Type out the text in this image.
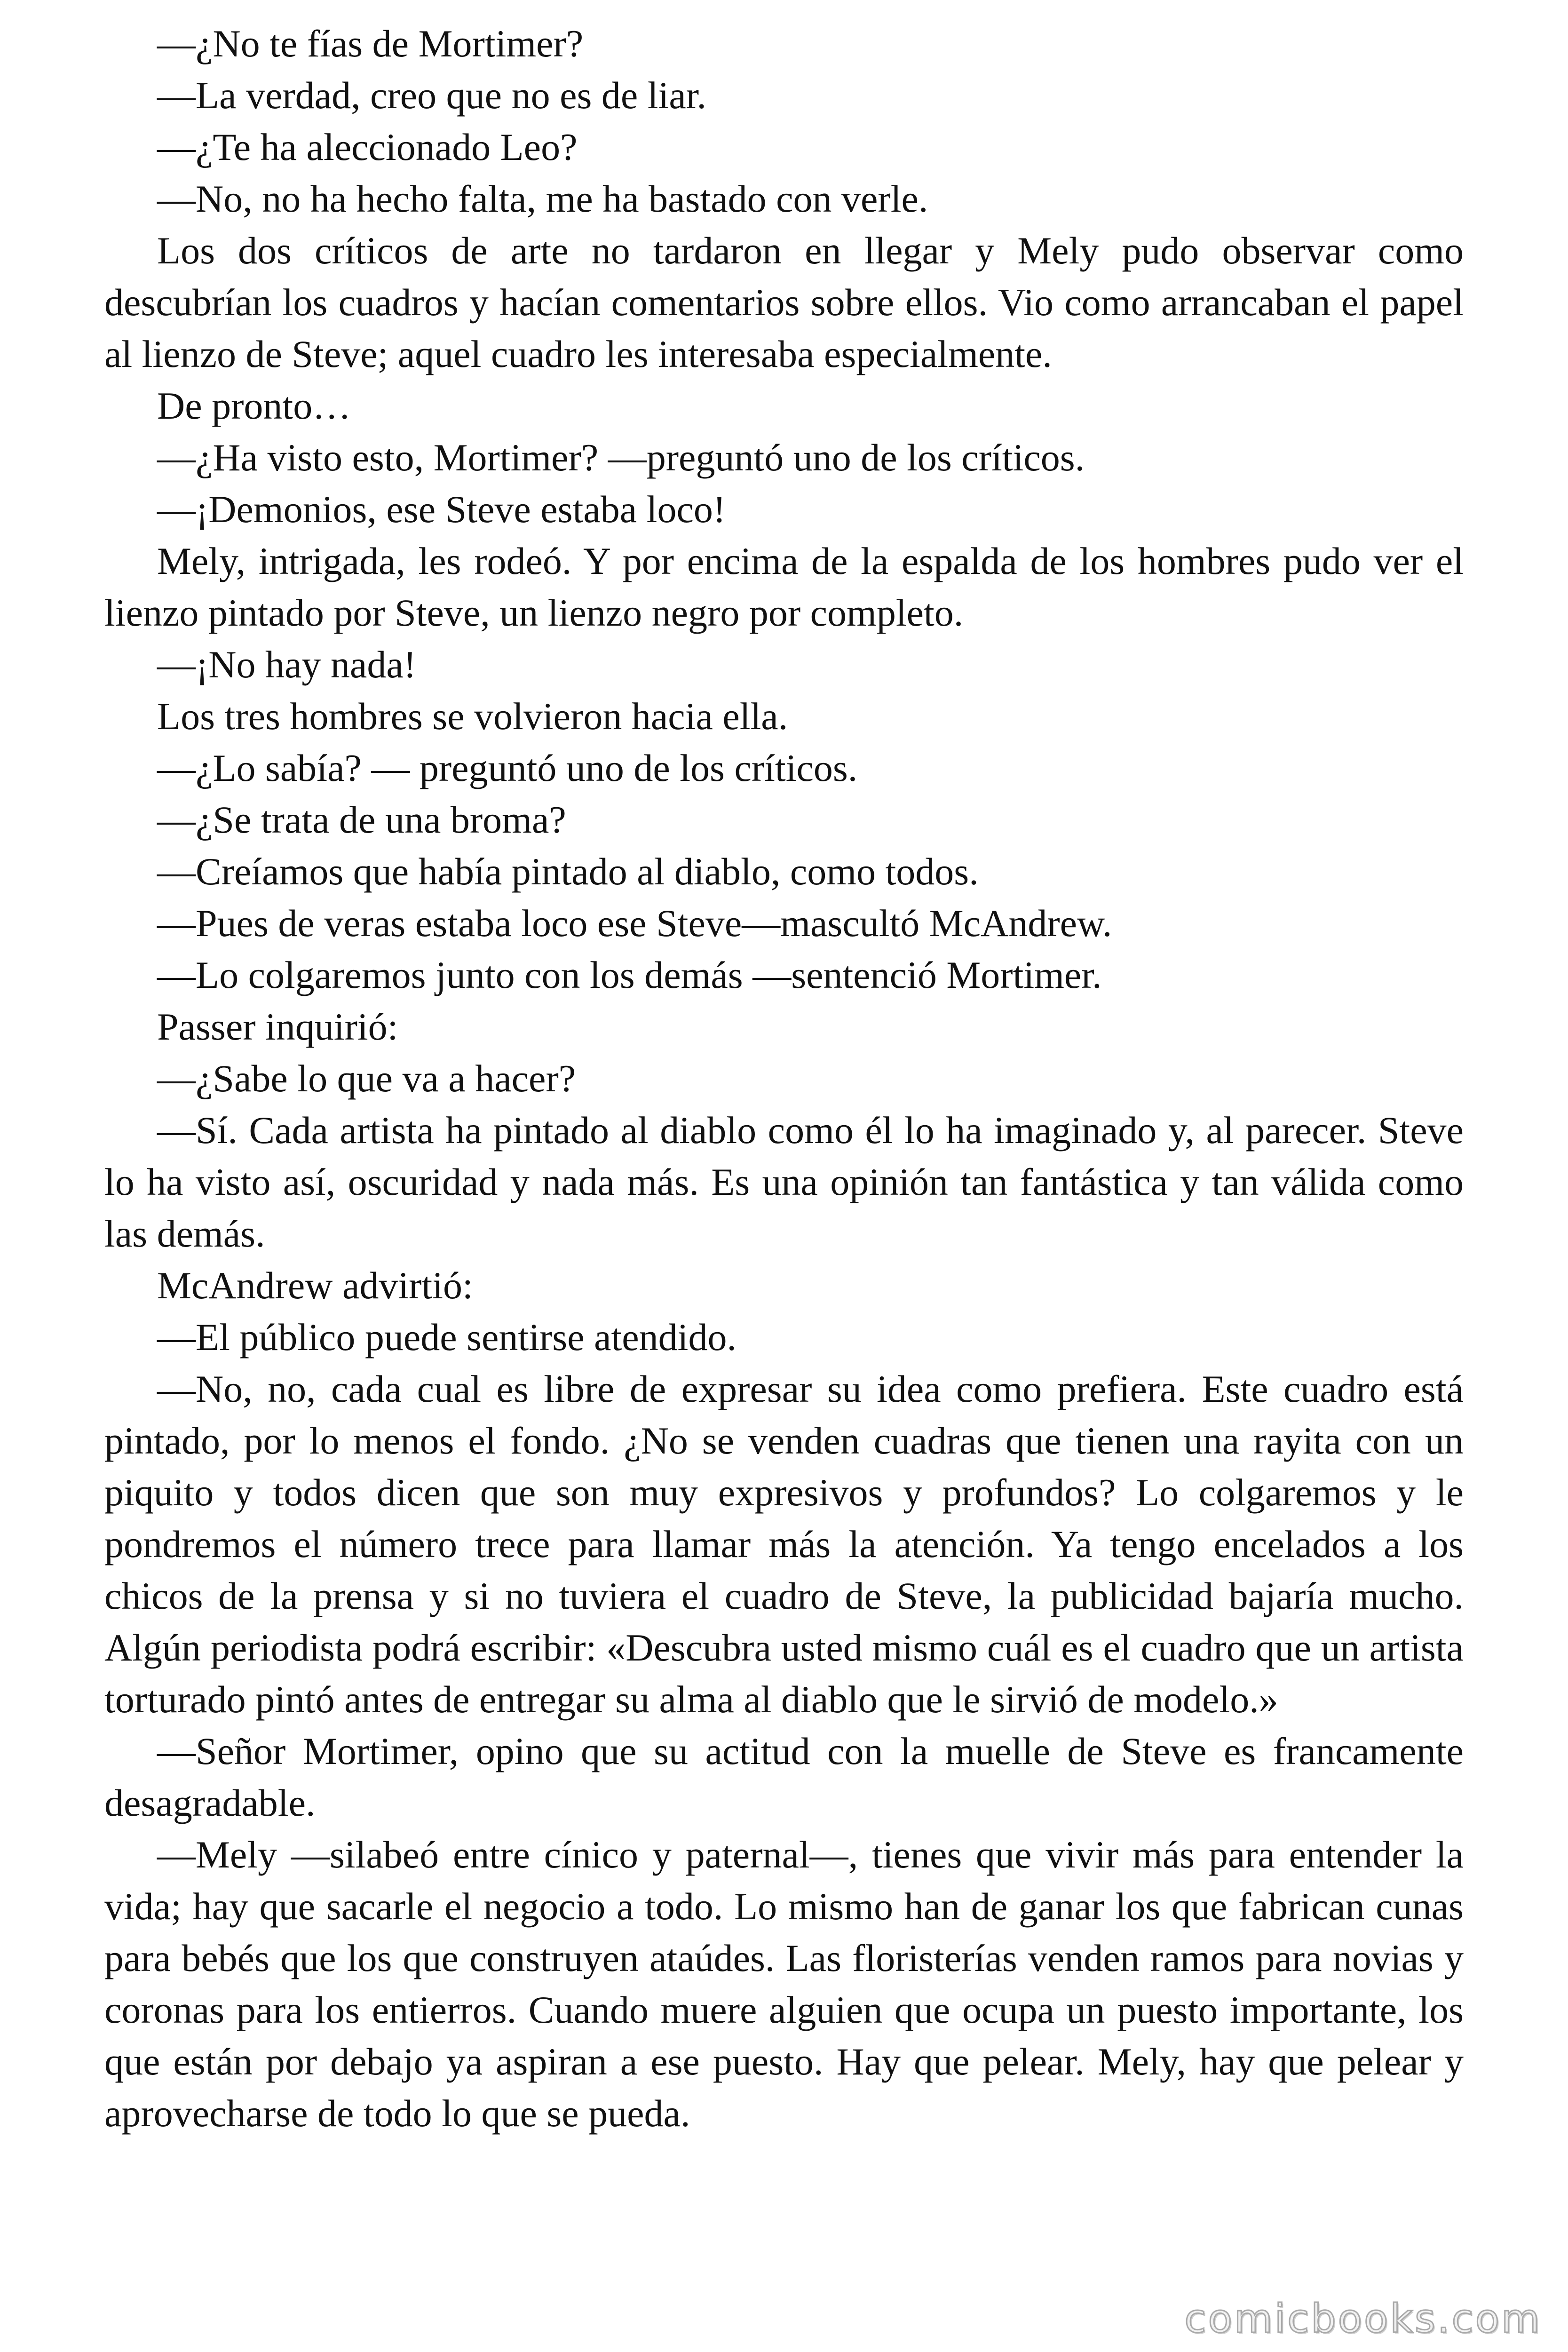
—¿No te fías de Mortimer?

—La verdad, creo que no es de liar.

—¿Te ha aleccionado Leo?

—No, no ha hecho falta, me ha bastado con verle.

Los dos críticos de arte no tardaron en llegar y Mely pudo observar como descubrían los cuadros y hacían comentarios sobre ellos. Vio como arrancaban el papel al lienzo de Steve; aquel cuadro les interesaba especialmente.

De pronto…

—¿Ha visto esto, Mortimer? —preguntó uno de los críticos.

—¡Demonios, ese Steve estaba loco!

Mely, intrigada, les rodeó. Y por encima de la espalda de los hombres pudo ver el lienzo pintado por Steve, un lienzo negro por completo.

—¡No hay nada!

Los tres hombres se volvieron hacia ella.

—¿Lo sabía? — preguntó uno de los críticos.

—¿Se trata de una broma?

—Creíamos que había pintado al diablo, como todos.

—Pues de veras estaba loco ese Steve—mascultó McAndrew.

—Lo colgaremos junto con los demás —sentenció Mortimer.

Passer inquirió:

—¿Sabe lo que va a hacer?

—Sí. Cada artista ha pintado al diablo como él lo ha imaginado y, al parecer. Steve lo ha visto así, oscuridad y nada más. Es una opinión tan fantástica y tan válida como las demás.

McAndrew advirtió:

—El público puede sentirse atendido.

—No, no, cada cual es libre de expresar su idea como prefiera. Este cuadro está pintado, por lo menos el fondo. ¿No se venden cuadras que tienen una rayita con un piquito y todos dicen que son muy expresivos y profundos? Lo colgaremos y le pondremos el número trece para llamar más la atención. Ya tengo encelados a los chicos de la prensa y si no tuviera el cuadro de Steve, la publicidad bajaría mucho. Algún periodista podrá escribir: «Descubra usted mismo cuál es el cuadro que un artista torturado pintó antes de entregar su alma al diablo que le sirvió de modelo.»

—Señor Mortimer, opino que su actitud con la muelle de Steve es francamente desagradable.

—Mely —silabeó entre cínico y paternal—, tienes que vivir más para entender la vida; hay que sacarle el negocio a todo. Lo mismo han de ganar los que fabrican cunas para bebés que los que construyen ataúdes. Las floristerías venden ramos para novias y coronas para los entierros. Cuando muere alguien que ocupa un puesto importante, los que están por debajo ya aspiran a ese puesto. Hay que pelear. Mely, hay que pelear y aprovecharse de todo lo que se pueda.

comicbooks.com
